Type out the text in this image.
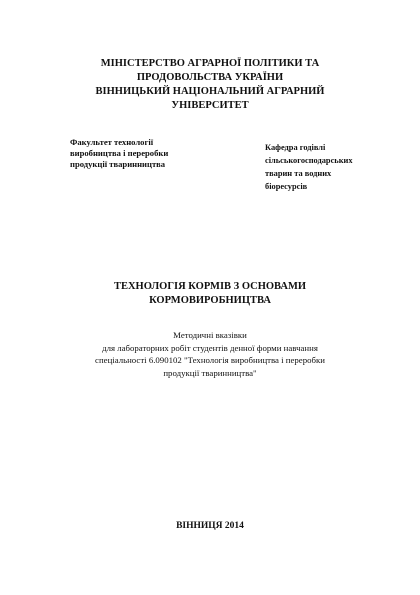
МІНІСТЕРСТВО АГРАРНОЇ ПОЛІТИКИ ТА
ПРОДОВОЛЬСТВА УКРАЇНИ
ВІННИЦЬКИЙ НАЦІОНАЛЬНИЙ АГРАРНИЙ
УНІВЕРСИТЕТ
Факультет технології
виробництва і переробки
продукції тваринництва
Кафедра годівлі
сільськогосподарських
тварин та водних
біоресурсів
ТЕХНОЛОГІЯ КОРМІВ З ОСНОВАМИ
КОРМОВИРОБНИЦТВА
Методичні вказівки
для лабораторних робіт студентів денної форми навчання
спеціальності 6.090102 "Технологія виробництва і переробки
продукції тваринництва"
ВІННИЦЯ 2014
